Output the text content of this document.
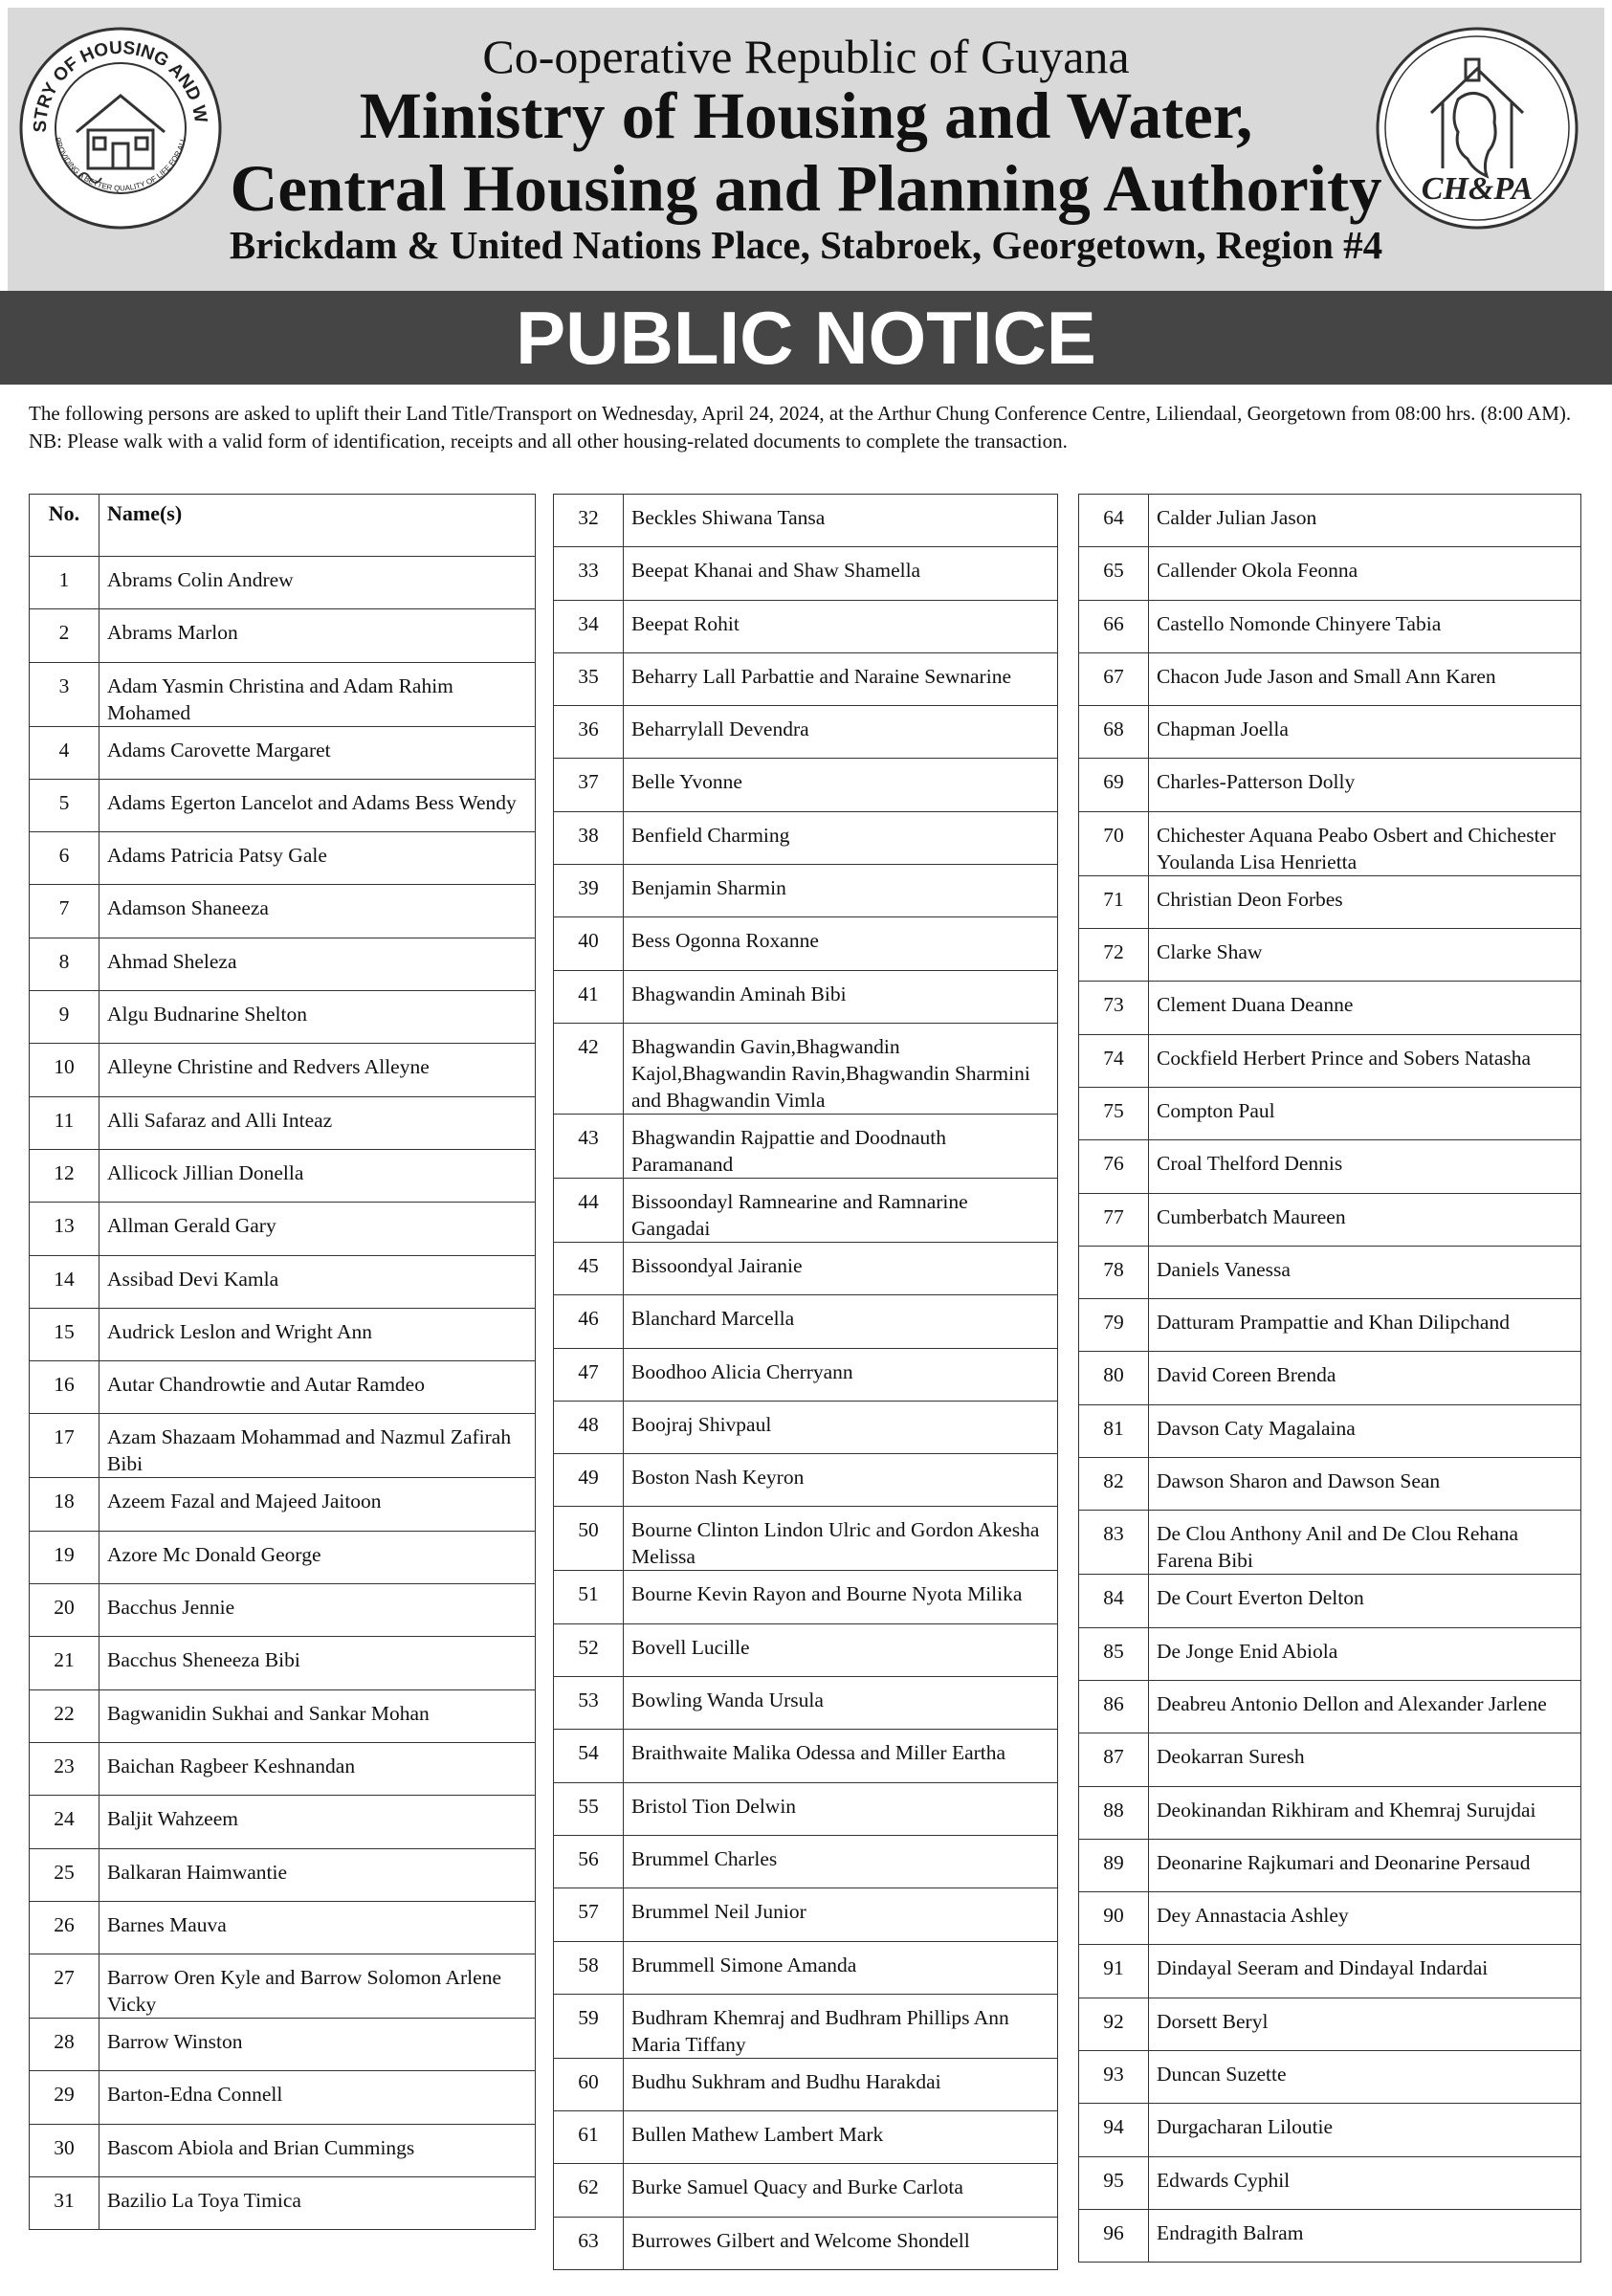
STRY OF HOUSING AND W
PROVIDING A BETTER QUALITY OF LIFE FOR ALL
CH&PA
Co-operative Republic of Guyana
Ministry of Housing and Water,
Central Housing and Planning Authority
Brickdam & United Nations Place, Stabroek, Georgetown, Region #4
PUBLIC NOTICE

The following persons are asked to uplift their Land Title/Transport on Wednesday, April 24, 2024, at the Arthur Chung Conference Centre, Liliendaal, Georgetown from 08:00 hrs. (8:00 AM).

NB: Please walk with a valid form of identification, receipts and all other housing-related documents to complete the transaction.

No.	Name(s)
1	Abrams Colin Andrew
2	Abrams Marlon
3	Adam Yasmin Christina and Adam Rahim Mohamed
4	Adams Carovette Margaret
5	Adams Egerton Lancelot and Adams Bess Wendy
6	Adams Patricia Patsy Gale
7	Adamson Shaneeza
8	Ahmad Sheleza
9	Algu Budnarine Shelton
10	Alleyne Christine and Redvers Alleyne
11	Alli Safaraz and Alli Inteaz
12	Allicock Jillian Donella
13	Allman Gerald Gary
14	Assibad Devi Kamla
15	Audrick Leslon and Wright Ann
16	Autar Chandrowtie and Autar Ramdeo
17	Azam Shazaam Mohammad and Nazmul Zafirah Bibi
18	Azeem Fazal and Majeed Jaitoon
19	Azore Mc Donald George
20	Bacchus Jennie
21	Bacchus Sheneeza Bibi
22	Bagwanidin Sukhai and Sankar Mohan
23	Baichan Ragbeer Keshnandan
24	Baljit Wahzeem
25	Balkaran Haimwantie
26	Barnes Mauva
27	Barrow Oren Kyle and Barrow Solomon Arlene Vicky
28	Barrow Winston
29	Barton-Edna Connell
30	Bascom Abiola and Brian Cummings
31	Bazilio La Toya Timica
32	Beckles Shiwana Tansa
33	Beepat Khanai and Shaw Shamella
34	Beepat Rohit
35	Beharry Lall Parbattie and Naraine Sewnarine
36	Beharrylall Devendra
37	Belle Yvonne
38	Benfield Charming
39	Benjamin Sharmin
40	Bess Ogonna Roxanne
41	Bhagwandin Aminah Bibi
42	Bhagwandin Gavin,Bhagwandin Kajol,Bhagwandin Ravin,Bhagwandin Sharmini and Bhagwandin Vimla
43	Bhagwandin Rajpattie and Doodnauth Paramanand
44	Bissoondayl Ramnearine and Ramnarine Gangadai
45	Bissoondyal Jairanie
46	Blanchard Marcella
47	Boodhoo Alicia Cherryann
48	Boojraj Shivpaul
49	Boston Nash Keyron
50	Bourne Clinton Lindon Ulric and Gordon Akesha Melissa
51	Bourne Kevin Rayon and Bourne Nyota Milika
52	Bovell Lucille
53	Bowling Wanda Ursula
54	Braithwaite Malika Odessa and Miller Eartha
55	Bristol Tion Delwin
56	Brummel Charles
57	Brummel Neil Junior
58	Brummell Simone Amanda
59	Budhram Khemraj and Budhram Phillips Ann Maria Tiffany
60	Budhu Sukhram and Budhu Harakdai
61	Bullen Mathew Lambert Mark
62	Burke Samuel Quacy and Burke Carlota
63	Burrowes Gilbert and Welcome Shondell
64	Calder Julian Jason
65	Callender Okola Feonna
66	Castello Nomonde Chinyere Tabia
67	Chacon Jude Jason and Small Ann Karen
68	Chapman Joella
69	Charles-Patterson Dolly
70	Chichester Aquana Peabo Osbert and Chichester Youlanda Lisa Henrietta
71	Christian Deon Forbes
72	Clarke Shaw
73	Clement Duana Deanne
74	Cockfield Herbert Prince and Sobers Natasha
75	Compton Paul
76	Croal Thelford Dennis
77	Cumberbatch Maureen
78	Daniels Vanessa
79	Datturam Prampattie and Khan Dilipchand
80	David Coreen Brenda
81	Davson Caty Magalaina
82	Dawson Sharon and Dawson Sean
83	De Clou Anthony Anil and De Clou Rehana Farena Bibi
84	De Court Everton Delton
85	De Jonge Enid Abiola
86	Deabreu Antonio Dellon and Alexander Jarlene
87	Deokarran Suresh
88	Deokinandan Rikhiram and Khemraj Surujdai
89	Deonarine Rajkumari and Deonarine Persaud
90	Dey Annastacia Ashley
91	Dindayal Seeram and Dindayal Indardai
92	Dorsett Beryl
93	Duncan Suzette
94	Durgacharan Liloutie
95	Edwards Cyphil
96	Endragith Balram
